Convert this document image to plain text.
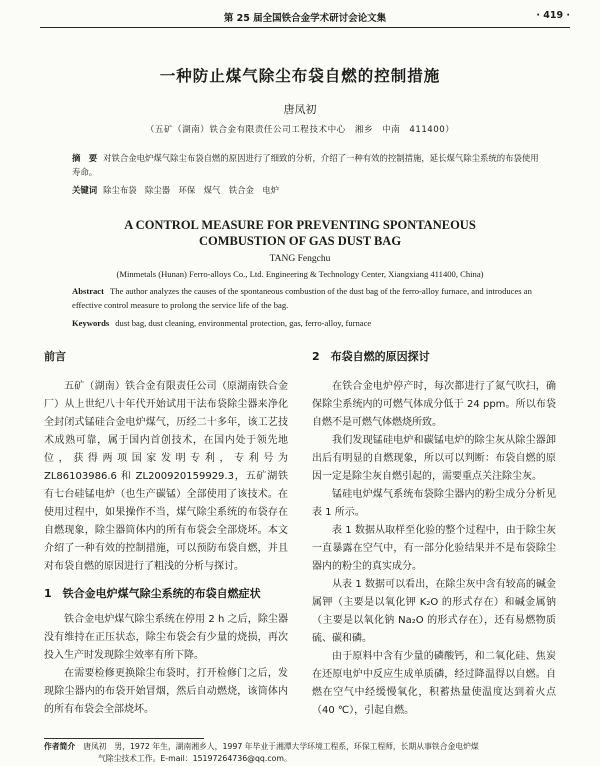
第 25 届全国铁合金学术研讨会论文集	· 419 ·
一种防止煤气除尘布袋自燃的控制措施
唐凤初
（五矿（湖南）铁合金有限责任公司工程技术中心　湘乡　中南　411400）
摘　要 对铁合金电炉煤气除尘布袋自燃的原因进行了细致的分析，介绍了一种有效的控制措施，延长煤气除尘系统的布袋使用寿命。
关键词 除尘布袋　除尘器　环保　煤气　铁合金　电炉
A CONTROL MEASURE FOR PREVENTING SPONTANEOUS
COMBUSTION OF GAS DUST BAG
TANG Fengchu
(Minmetals (Hunan) Ferro-alloys Co., Ltd. Engineering & Technology Center, Xiangxiang 411400, China)
Abstract The author analyzes the causes of the spontaneous combustion of the dust bag of the ferro-alloy furnace, and introduces an effective control measure to prolong the service life of the bag.
Keywords dust bag, dust cleaning, environmental protection, gas, ferro-alloy, furnace
前言

五矿（湖南）铁合金有限责任公司（原湖南铁合金厂）从上世纪八十年代开始试用干法布袋除尘器来净化全封闭式锰硅合金电炉煤气，历经二十多年，该工艺技术成熟可靠，属于国内首创技术，在国内处于领先地位，获得两项国家发明专利，专利号为 ZL86103986.6 和 ZL200920159929.3，五矿湖铁有七台硅锰电炉（也生产碳锰）全部使用了该技术。在使用过程中，如果操作不当，煤气除尘系统的布袋存在自燃现象，除尘器筒体内的所有布袋会全部烧坏。本文介绍了一种有效的控制措施，可以预防布袋自燃，并且对布袋自燃的原因进行了粗浅的分析与探讨。

1　铁合金电炉煤气除尘系统的布袋自燃症状

铁合金电炉煤气除尘系统在停用 2 h 之后，除尘器没有维持在正压状态，除尘布袋会有少量的烧损，再次投入生产时发现除尘效率有所下降。

在需要检修更换除尘布袋时，打开检修门之后，发现除尘器内的布袋开始冒烟，然后自动燃烧，该筒体内的所有布袋会全部烧坏。

2　布袋自燃的原因探讨

在铁合金电炉停产时，每次都进行了氮气吹扫，确保除尘系统内的可燃气体成分低于 24 ppm。所以布袋自燃不是可燃气体燃烧所致。

我们发现锰硅电炉和碳锰电炉的除尘灰从除尘器卸出后有明显的自燃现象，所以可以判断：布袋自燃的原因一定是除尘灰自燃引起的，需要重点关注除尘灰。

锰硅电炉煤气系统布袋除尘器内的粉尘成分分析见表 1 所示。

表 1 数据从取样至化验的整个过程中，由于除尘灰一直暴露在空气中，有一部分化验结果并不是布袋除尘器内的粉尘的真实成分。

从表 1 数据可以看出，在除尘灰中含有较高的碱金属钾（主要是以氧化钾 K₂O 的形式存在）和碱金属钠（主要是以氧化钠 Na₂O 的形式存在），还有易燃物质硫、碳和磷。

由于原料中含有少量的磷酸钙，和二氧化硅、焦炭在还原电炉中反应生成单质磷，经过降温得以自燃。自燃在空气中经缓慢氧化，积蓄热量使温度达到着火点（40 ℃），引起自燃。

作者简介 唐凤初　男，1972 年生，湖南湘乡人，1997 年毕业于湘潭大学环境工程系，环保工程师，长期从事铁合金电炉煤
气除尘技术工作。E-mail：15197264736@qq.com。
